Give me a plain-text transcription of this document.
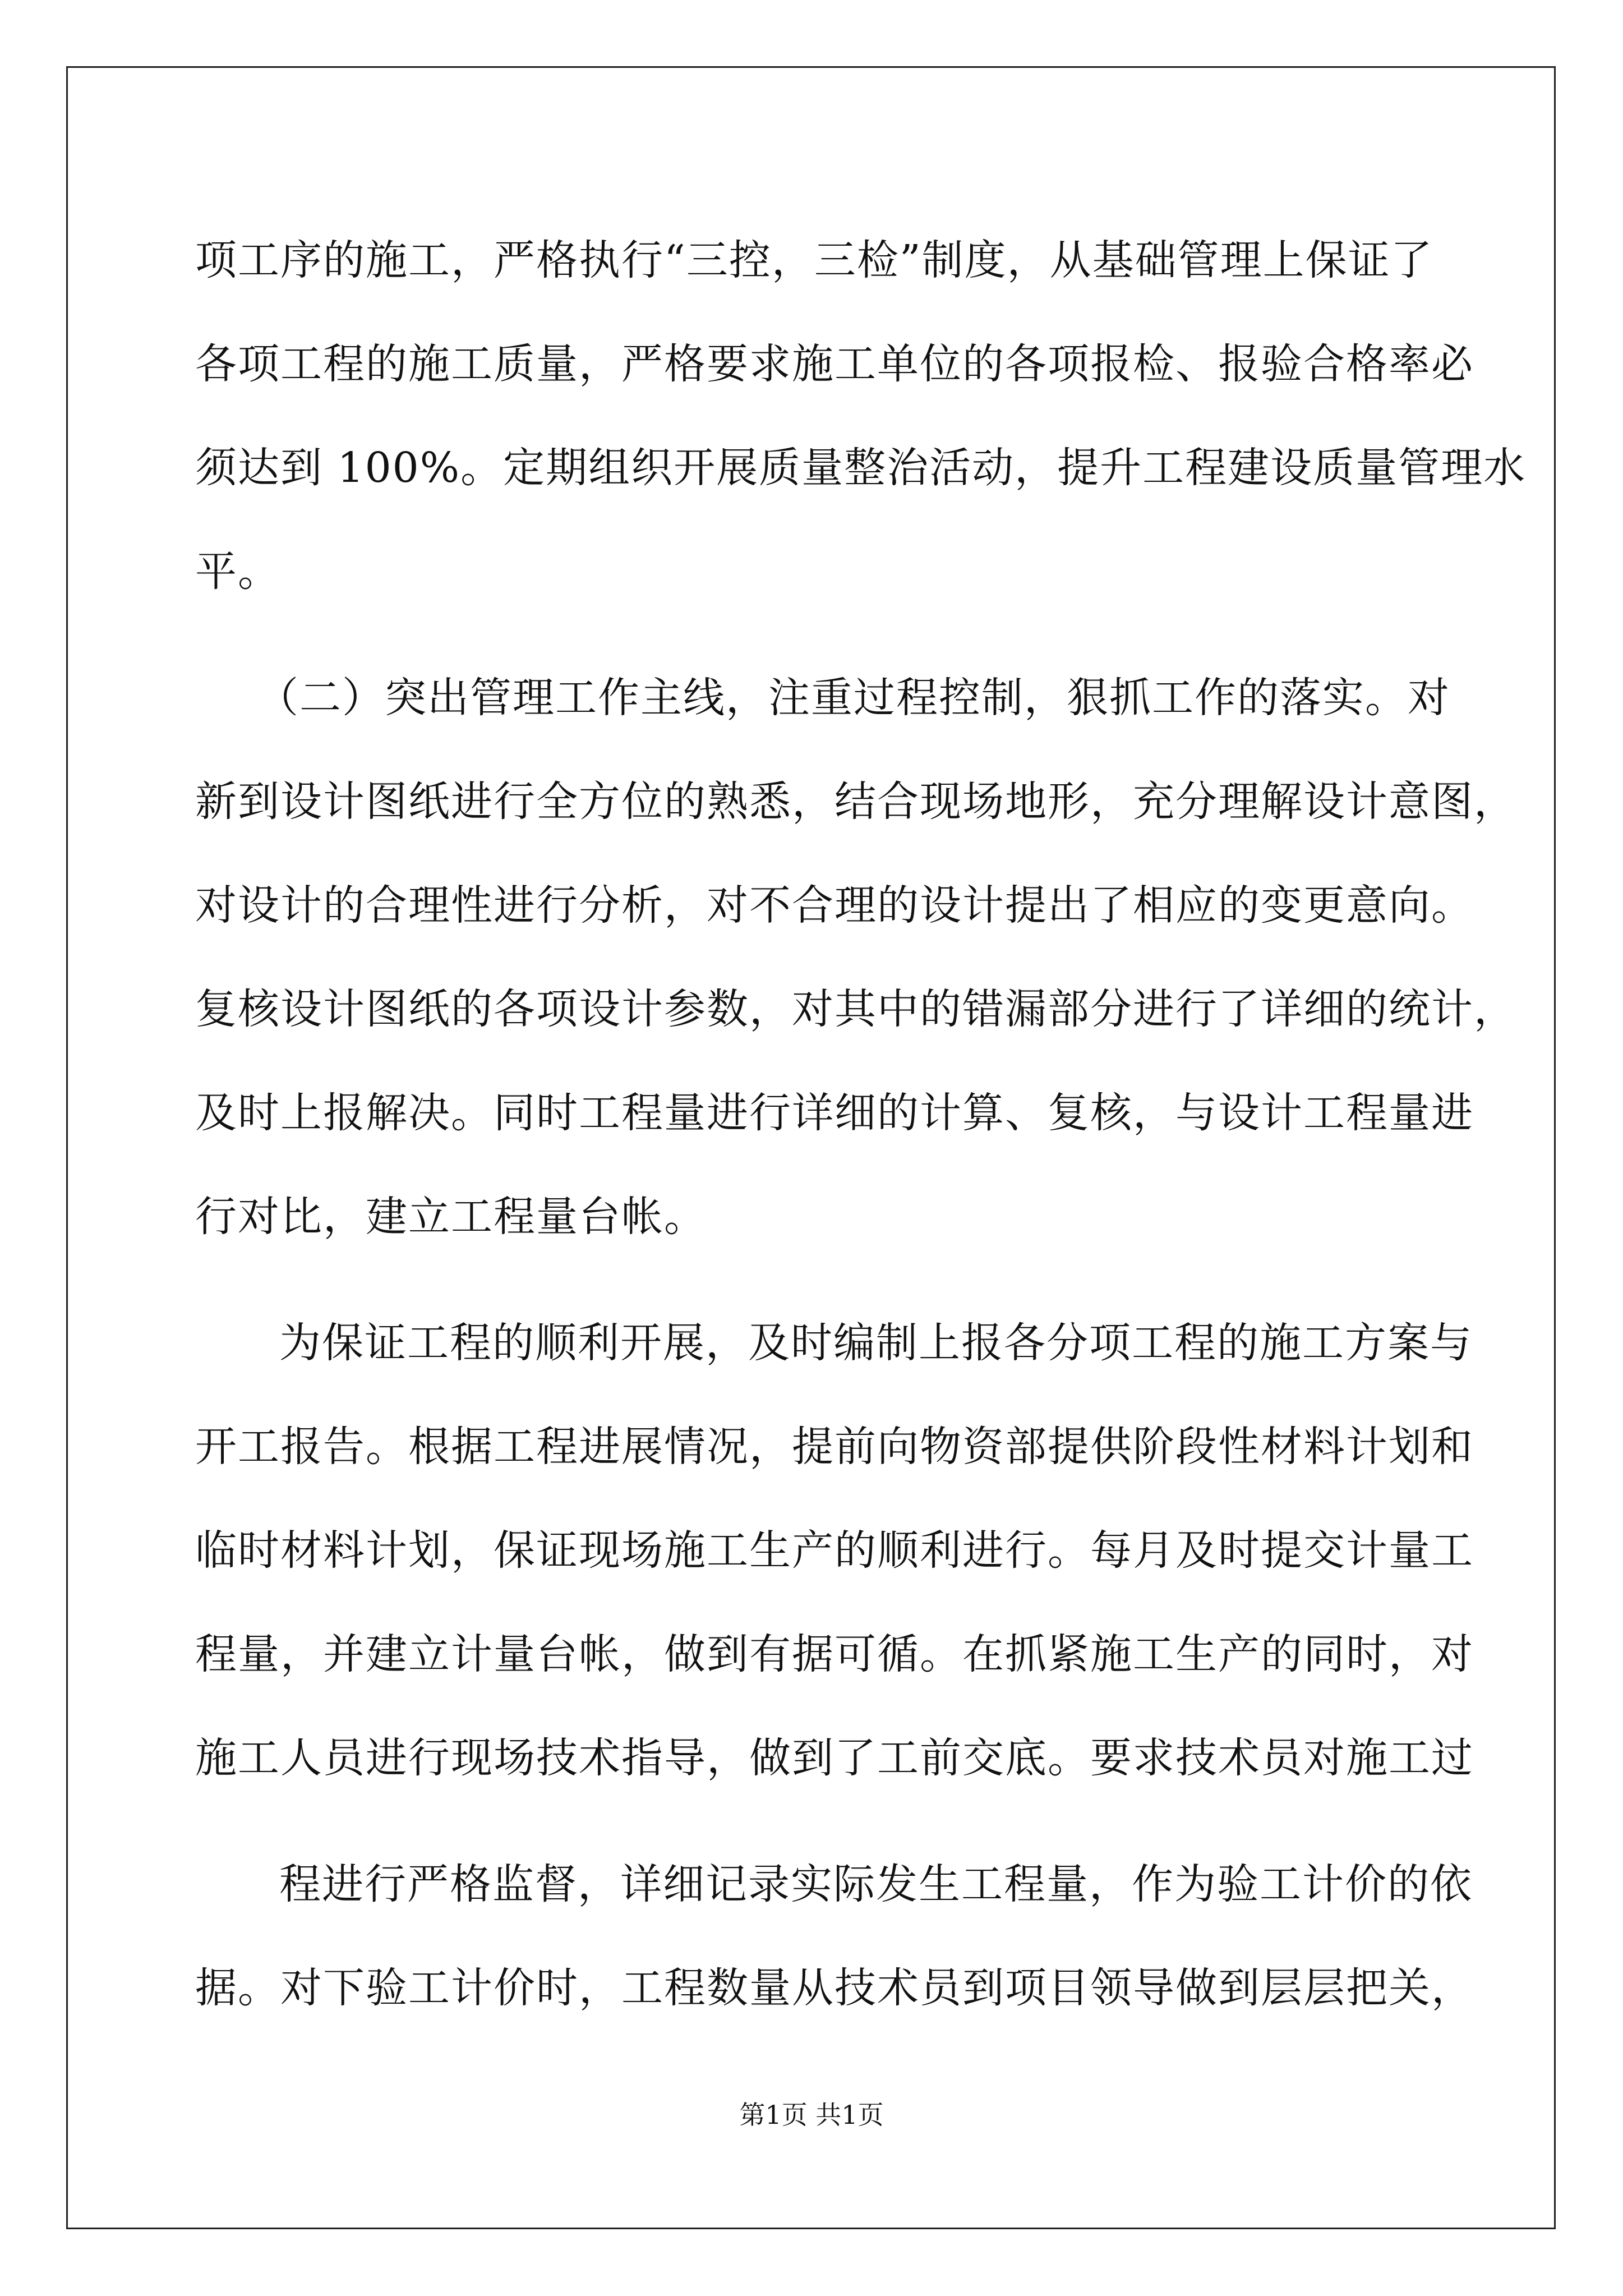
项工序的施工，严格执行“三控，三检”制度，从基础管理上保证了
各项工程的施工质量，严格要求施工单位的各项报检、报验合格率必
须达到 100%。定期组织开展质量整治活动，提升工程建设质量管理水
平。
（二）突出管理工作主线，注重过程控制，狠抓工作的落实。对
新到设计图纸进行全方位的熟悉，结合现场地形，充分理解设计意图，
对设计的合理性进行分析，对不合理的设计提出了相应的变更意向。
复核设计图纸的各项设计参数，对其中的错漏部分进行了详细的统计，
及时上报解决。同时工程量进行详细的计算、复核，与设计工程量进
行对比，建立工程量台帐。
为保证工程的顺利开展，及时编制上报各分项工程的施工方案与
开工报告。根据工程进展情况，提前向物资部提供阶段性材料计划和
临时材料计划，保证现场施工生产的顺利进行。每月及时提交计量工
程量，并建立计量台帐，做到有据可循。在抓紧施工生产的同时，对
施工人员进行现场技术指导，做到了工前交底。要求技术员对施工过
程进行严格监督，详细记录实际发生工程量，作为验工计价的依
据。对下验工计价时，工程数量从技术员到项目领导做到层层把关，
第1页 共1页
